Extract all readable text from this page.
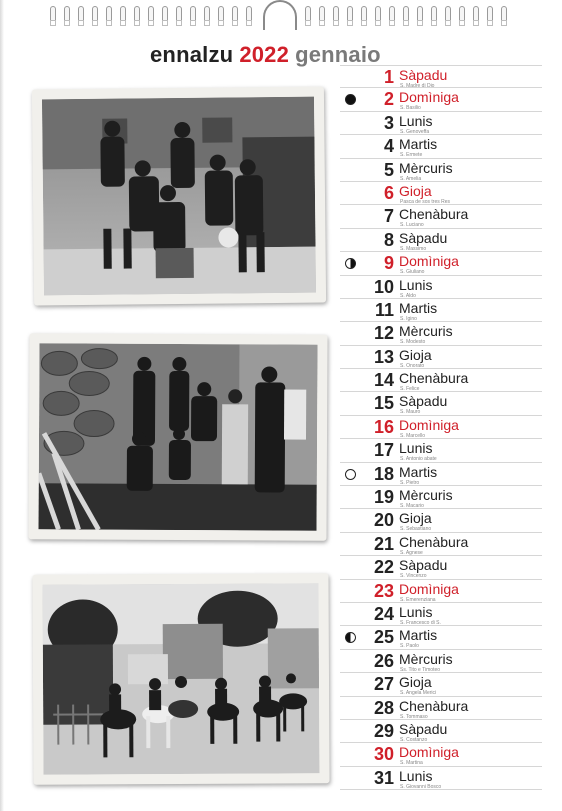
ennalzu 2022 gennaio
1 Sàpadu
S. Madre di Dio
2 Domìniga
S. Basilio
3 Lunis
S. Genoveffa
4 Martis
S. Ermete
5 Mèrcuris
S. Amelia
6 Gioja
Pasca de sos tres Res
7 Chenàbura
S. Luciano
8 Sàpadu
S. Massimo
9 Domìniga
S. Giuliano
10 Lunis
S. Aldo
11 Martis
S. Igino
12 Mèrcuris
S. Modesto
13 Gioja
S. Onorato
14 Chenàbura
S. Felice
15 Sàpadu
S. Mauro
16 Domìniga
S. Marcello
17 Lunis
S. Antonio abate
18 Martis
S. Pietro
19 Mèrcuris
S. Macario
20 Gioja
S. Sebastiano
21 Chenàbura
S. Agnese
22 Sàpadu
S. Vincenzo
23 Domìniga
S. Emerenziana
24 Lunis
S. Francesco di S.
25 Martis
S. Paolo
26 Mèrcuris
Ss. Tito e Timoteo
27 Gioja
S. Angela Merici
28 Chenàbura
S. Tommaso
29 Sàpadu
S. Costanzo
30 Domìniga
S. Martina
31 Lunis
S. Giovanni Bosco
